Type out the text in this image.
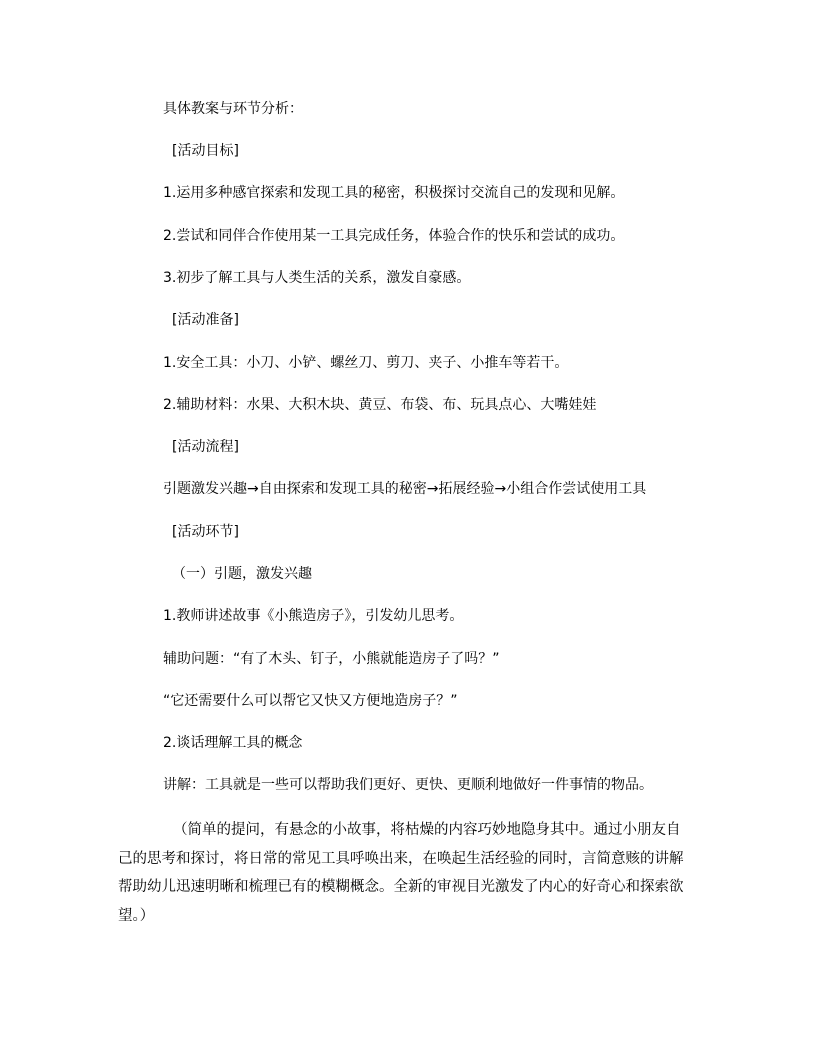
具体教案与环节分析：
[活动目标]
1.运用多种感官探索和发现工具的秘密，积极探讨交流自己的发现和见解。
2.尝试和同伴合作使用某一工具完成任务，体验合作的快乐和尝试的成功。
3.初步了解工具与人类生活的关系，激发自豪感。
[活动准备]
1.安全工具：小刀、小铲、螺丝刀、剪刀、夹子、小推车等若干。
2.辅助材料：水果、大积木块、黄豆、布袋、布、玩具点心、大嘴娃娃
[活动流程]
引题激发兴趣→自由探索和发现工具的秘密→拓展经验→小组合作尝试使用工具
[活动环节]
（一）引题，激发兴趣
1.教师讲述故事《小熊造房子》，引发幼儿思考。
辅助问题：“有了木头、钉子，小熊就能造房子了吗？”
“它还需要什么可以帮它又快又方便地造房子？”
2.谈话理解工具的概念
讲解：工具就是一些可以帮助我们更好、更快、更顺利地做好一件事情的物品。
（简单的提问，有悬念的小故事，将枯燥的内容巧妙地隐身其中。通过小朋友自己的思考和探讨，将日常的常见工具呼唤出来，在唤起生活经验的同时，言简意赅的讲解帮助幼儿迅速明晰和梳理已有的模糊概念。全新的审视目光激发了内心的好奇心和探索欲望。）
